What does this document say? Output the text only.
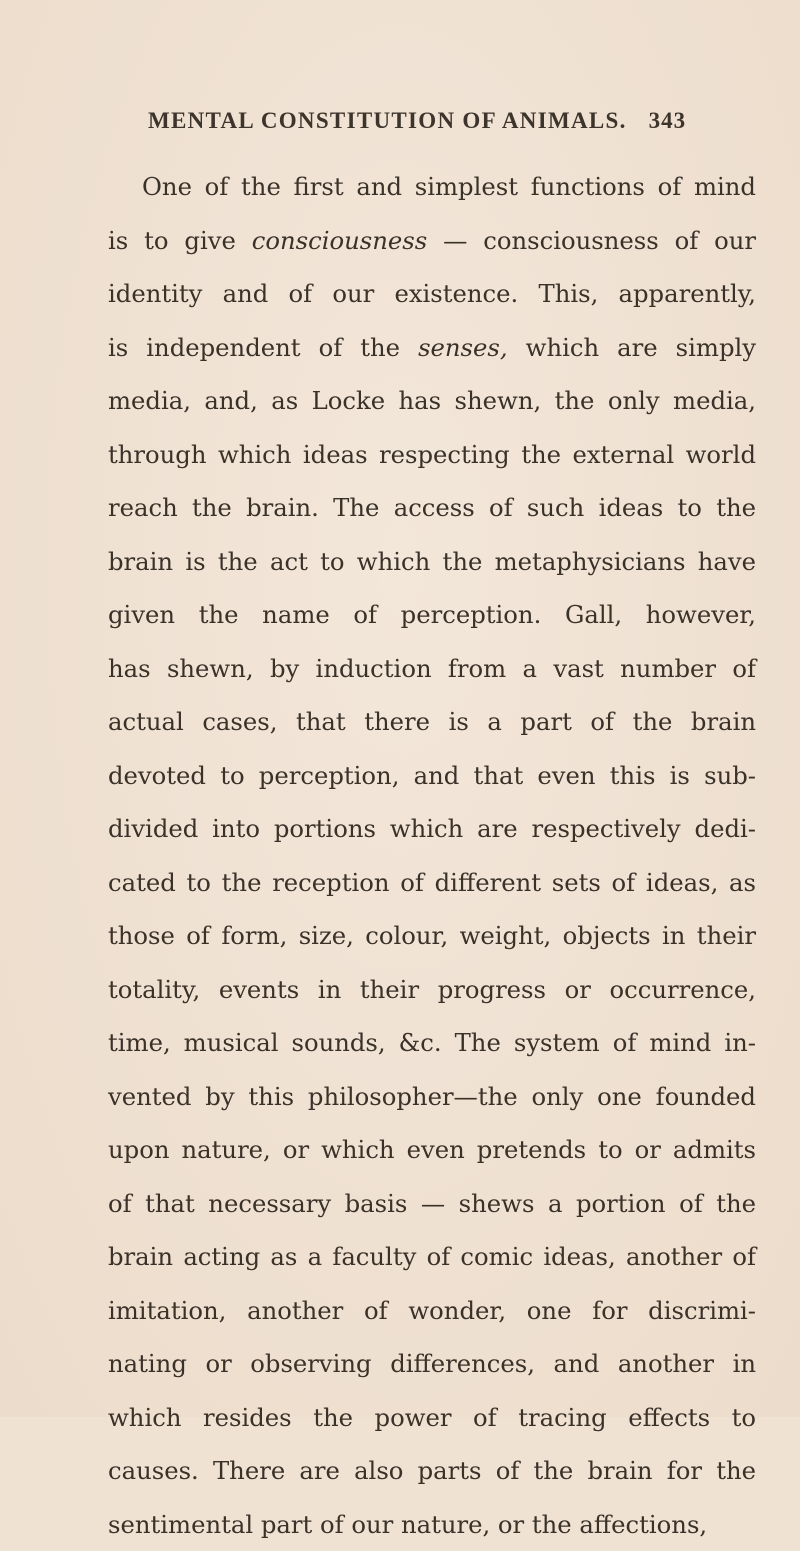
MENTAL CONSTITUTION OF ANIMALS. 343
One of the first and simplest functions of mind
is to give consciousness — consciousness of our
identity and of our existence. This, apparently,
is independent of the senses, which are simply
media, and, as Locke has shewn, the only media,
through which ideas respecting the external world
reach the brain. The access of such ideas to the
brain is the act to which the metaphysicians have
given the name of perception. Gall, however,
has shewn, by induction from a vast number of
actual cases, that there is a part of the brain
devoted to perception, and that even this is sub-
divided into portions which are respectively dedi-
cated to the reception of different sets of ideas, as
those of form, size, colour, weight, objects in their
totality, events in their progress or occurrence,
time, musical sounds, &c. The system of mind in-
vented by this philosopher—the only one founded
upon nature, or which even pretends to or admits
of that necessary basis — shews a portion of the
brain acting as a faculty of comic ideas, another of
imitation, another of wonder, one for discrimi-
nating or observing differences, and another in
which resides the power of tracing effects to
causes. There are also parts of the brain for the
sentimental part of our nature, or the affections,
